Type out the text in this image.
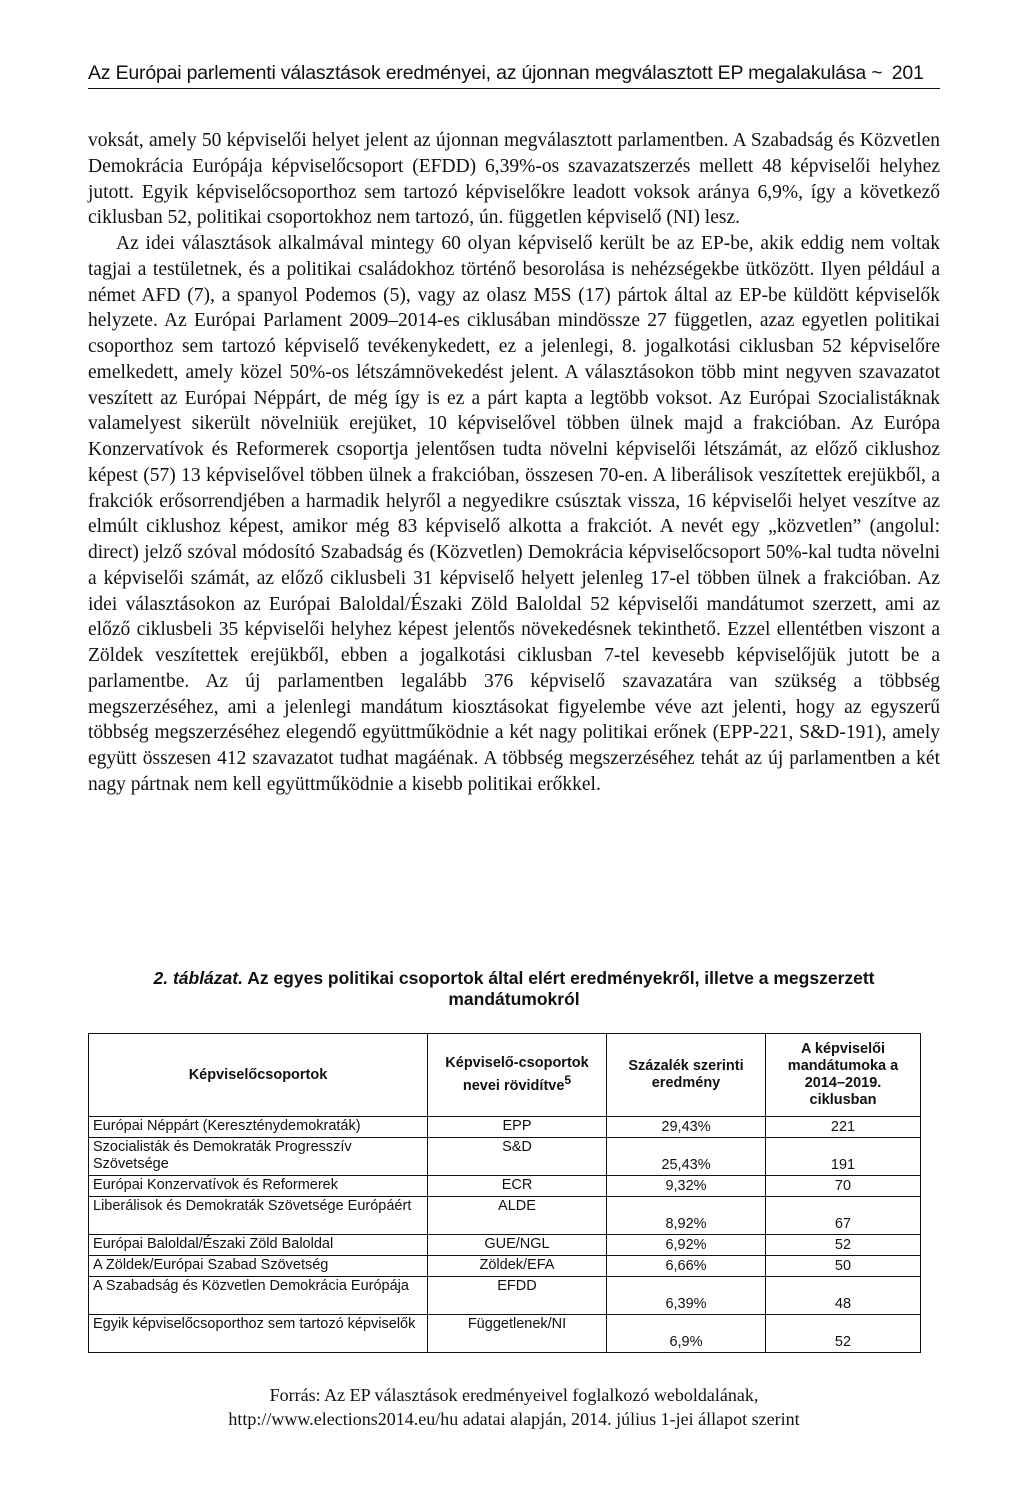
Az Európai parlementi választások eredményei, az újonnan megválasztott EP megalakulása ~ 201

voksát, amely 50 képviselői helyet jelent az újonnan megválasztott parlamentben. A Szabadság és Közvetlen Demokrácia Európája képviselőcsoport (EFDD) 6,39%-os szavazatszerzés mellett 48 képviselői helyhez jutott. Egyik képviselőcsoporthoz sem tartozó képviselőkre leadott voksok aránya 6,9%, így a következő ciklusban 52, politikai csoportokhoz nem tartozó, ún. független képviselő (NI) lesz.

Az idei választások alkalmával mintegy 60 olyan képviselő került be az EP-be, akik eddig nem voltak tagjai a testületnek, és a politikai családokhoz történő besorolása is nehézségekbe ütközött. Ilyen például a német AFD (7), a spanyol Podemos (5), vagy az olasz M5S (17) pártok által az EP-be küldött képviselők helyzete. Az Európai Parlament 2009–2014-es ciklusában mindössze 27 független, azaz egyetlen politikai csoporthoz sem tartozó képviselő tevékenykedett, ez a jelenlegi, 8. jogalkotási ciklusban 52 képviselőre emelkedett, amely közel 50%-os létszámnövekedést jelent. A választásokon több mint negyven szavazatot veszített az Európai Néppárt, de még így is ez a párt kapta a legtöbb voksot. Az Európai Szocialistáknak valamelyest sikerült növelniük erejüket, 10 képviselővel többen ülnek majd a frakcióban. Az Európa Konzervatívok és Reformerek csoportja jelentősen tudta növelni képviselői létszámát, az előző ciklushoz képest (57) 13 képviselővel többen ülnek a frakcióban, összesen 70-en. A liberálisok veszítettek erejükből, a frakciók erősorrendjében a harmadik helyről a negyedikre csúsztak vissza, 16 képviselői helyet veszítve az elmúlt ciklushoz képest, amikor még 83 képviselő alkotta a frakciót. A nevét egy „közvetlen” (angolul: direct) jelző szóval módosító Szabadság és (Közvetlen) Demokrácia képviselőcsoport 50%-kal tudta növelni a képviselői számát, az előző ciklusbeli 31 képviselő helyett jelenleg 17-el többen ülnek a frakcióban. Az idei választásokon az Európai Baloldal/Északi Zöld Baloldal 52 képviselői mandátumot szerzett, ami az előző ciklusbeli 35 képviselői helyhez képest jelentős növekedésnek tekinthető. Ezzel ellentétben viszont a Zöldek veszítettek erejükből, ebben a jogalkotási ciklusban 7-tel kevesebb képviselőjük jutott be a parlamentbe. Az új parlamentben legalább 376 képviselő szavazatára van szükség a többség megszerzéséhez, ami a jelenlegi mandátum kiosztásokat figyelembe véve azt jelenti, hogy az egyszerű többség megszerzéséhez elegendő együttműködnie a két nagy politikai erőnek (EPP-221, S&D-191), amely együtt összesen 412 szavazatot tudhat magáénak. A többség megszerzéséhez tehát az új parlamentben a két nagy pártnak nem kell együttműködnie a kisebb politikai erőkkel.

2. táblázat. Az egyes politikai csoportok által elért eredményekről, illetve a megszerzett mandátumokról
Képviselőcsoportok	Képviselő-csoportok nevei rövidítve$^5$	Százalék szerinti eredmény	A képviselői mandátumoka a 2014–2019. ciklusban
Európai Néppárt (Kereszténydemokraták)	EPP	29,43%	221
Szocialisták és Demokraták Progresszív Szövetsége	S&D	25,43%	191
Európai Konzervatívok és Reformerek	ECR	9,32%	70
Liberálisok és Demokraták Szövetsége Európáért	ALDE	8,92%	67
Európai Baloldal/Északi Zöld Baloldal	GUE/NGL	6,92%	52
A Zöldek/Európai Szabad Szövetség	Zöldek/EFA	6,66%	50
A Szabadság és Közvetlen Demokrácia Európája	EFDD	6,39%	48
Egyik képviselőcsoporthoz sem tartozó képviselők	Függetlenek/NI	6,9%	52
Forrás: Az EP választások eredményeivel foglalkozó weboldalának,
http://www.elections2014.eu/hu adatai alapján, 2014. július 1-jei állapot szerint
